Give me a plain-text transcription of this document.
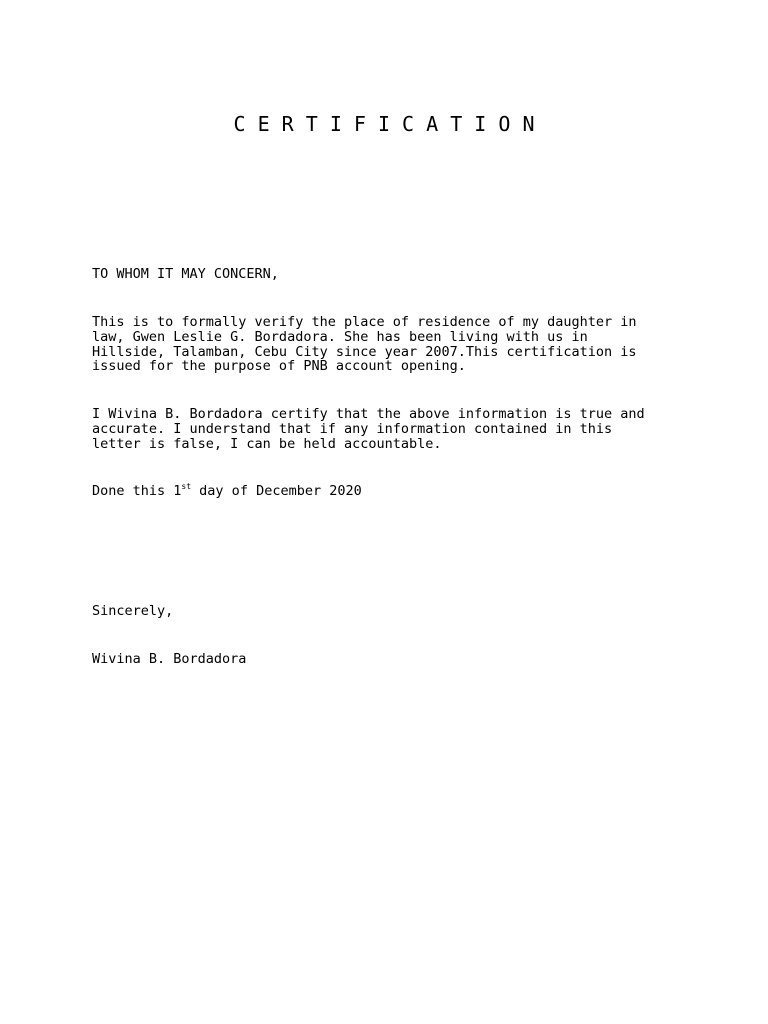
C E R T I F I C A T I O N
TO WHOM IT MAY CONCERN,
This is to formally verify the place of residence of my daughter in
law, Gwen Leslie G. Bordadora. She has been living with us in
Hillside, Talamban, Cebu City since year 2007.This certification is
issued for the purpose of PNB account opening.
I Wivina B. Bordadora certify that the above information is true and
accurate. I understand that if any information contained in this
letter is false, I can be held accountable.
Done this 1st day of December 2020
Sincerely,
Wivina B. Bordadora
